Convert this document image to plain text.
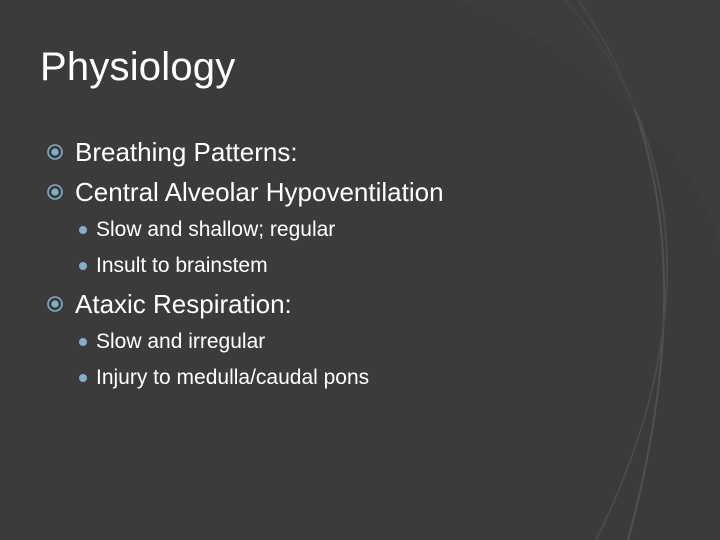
Physiology
Breathing Patterns:
Central Alveolar Hypoventilation
Slow and shallow; regular
Insult to brainstem
Ataxic Respiration:
Slow and irregular
Injury to medulla/caudal pons
